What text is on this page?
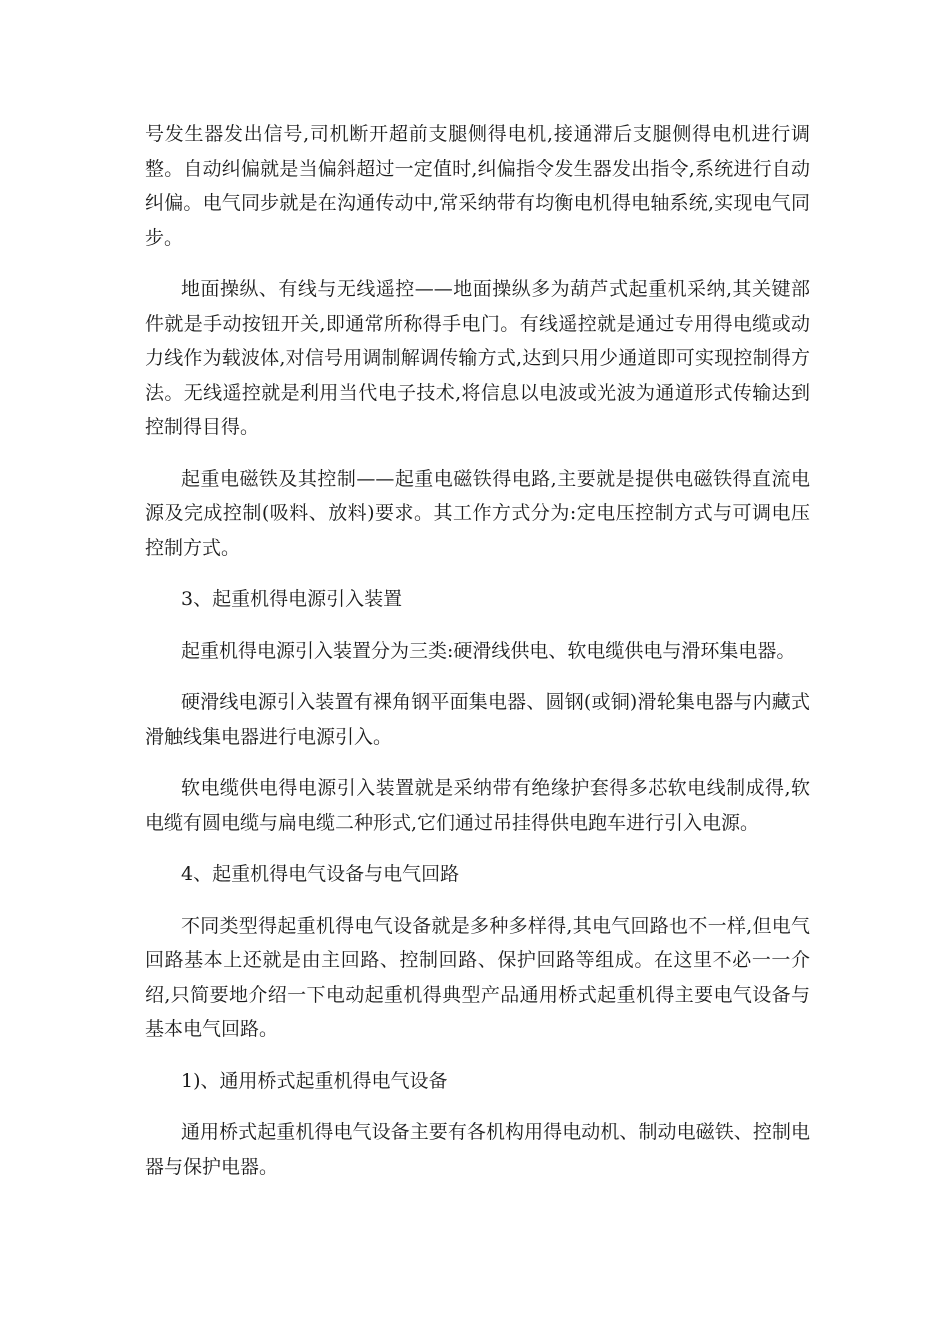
号发生器发出信号,司机断开超前支腿侧得电机,接通滞后支腿侧得电机进行调整。自动纠偏就是当偏斜超过一定值时,纠偏指令发生器发出指令,系统进行自动纠偏。电气同步就是在沟通传动中,常采纳带有均衡电机得电轴系统,实现电气同步。

地面操纵、有线与无线遥控——地面操纵多为葫芦式起重机采纳,其关键部件就是手动按钮开关,即通常所称得手电门。有线遥控就是通过专用得电缆或动力线作为载波体,对信号用调制解调传输方式,达到只用少通道即可实现控制得方法。无线遥控就是利用当代电子技术,将信息以电波或光波为通道形式传输达到控制得目得。

起重电磁铁及其控制——起重电磁铁得电路,主要就是提供电磁铁得直流电源及完成控制(吸料、放料)要求。其工作方式分为:定电压控制方式与可调电压控制方式。

3、起重机得电源引入装置

起重机得电源引入装置分为三类:硬滑线供电、软电缆供电与滑环集电器。

硬滑线电源引入装置有裸角钢平面集电器、圆钢(或铜)滑轮集电器与内藏式滑触线集电器进行电源引入。

软电缆供电得电源引入装置就是采纳带有绝缘护套得多芯软电线制成得,软电缆有圆电缆与扁电缆二种形式,它们通过吊挂得供电跑车进行引入电源。

4、起重机得电气设备与电气回路

不同类型得起重机得电气设备就是多种多样得,其电气回路也不一样,但电气回路基本上还就是由主回路、控制回路、保护回路等组成。在这里不必一一介绍,只简要地介绍一下电动起重机得典型产品通用桥式起重机得主要电气设备与基本电气回路。

1)、通用桥式起重机得电气设备

通用桥式起重机得电气设备主要有各机构用得电动机、制动电磁铁、控制电器与保护电器。
